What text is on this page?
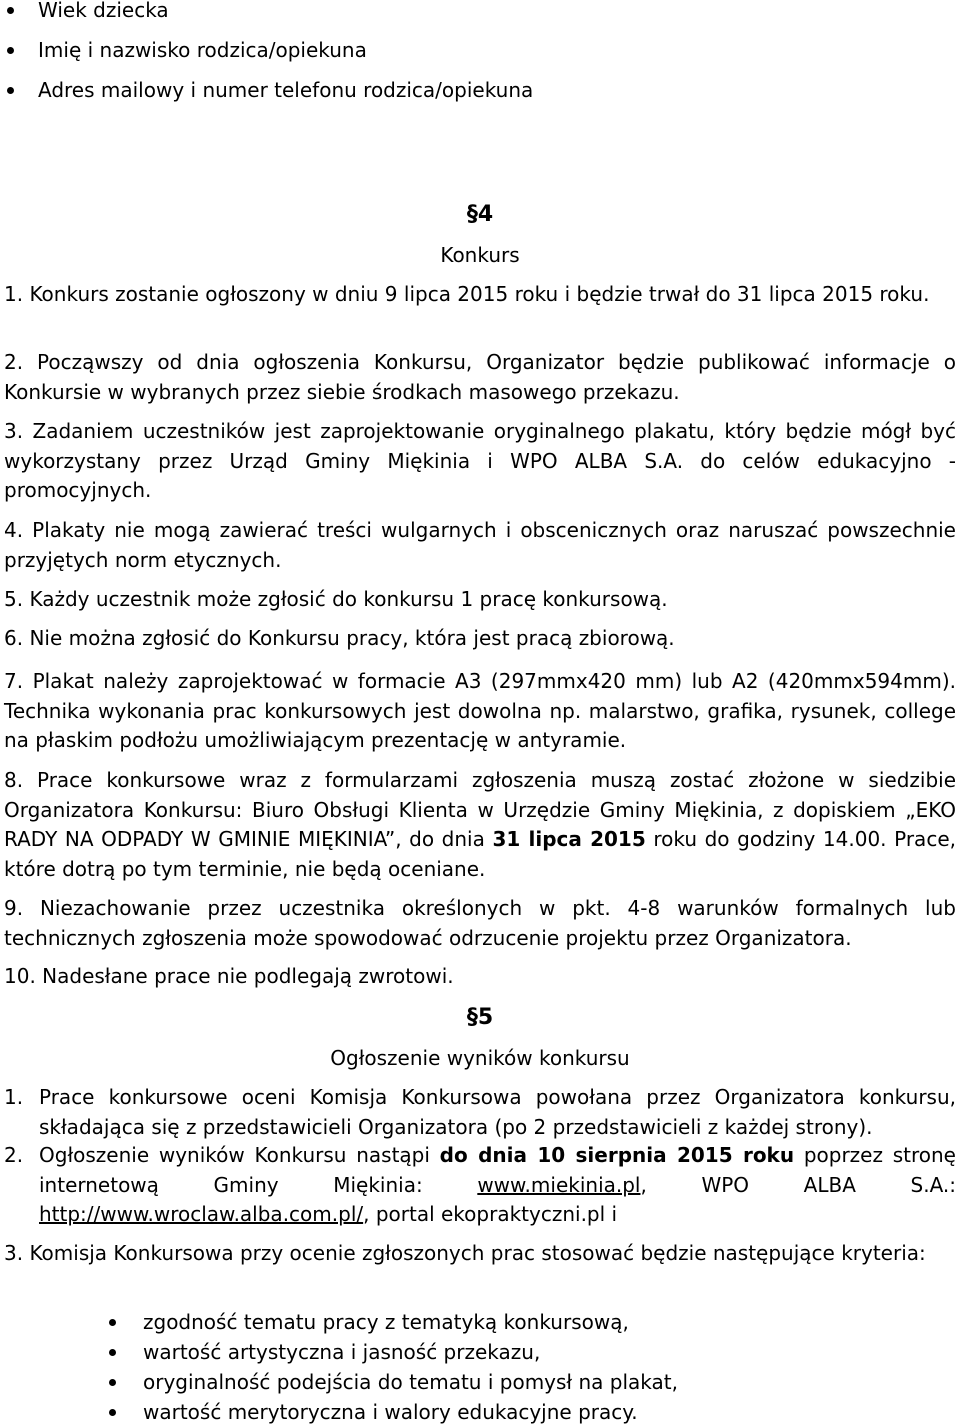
Wiek dziecka
Imię i nazwisko rodzica/opiekuna
Adres mailowy i numer telefonu rodzica/opiekuna
§4
Konkurs
1. Konkurs zostanie ogłoszony w dniu 9 lipca 2015 roku i będzie trwał do 31 lipca 2015 roku.
2. Począwszy od dnia ogłoszenia Konkursu, Organizator będzie publikować informacje o Konkursie w wybranych przez siebie środkach masowego przekazu.
3. Zadaniem uczestników jest zaprojektowanie oryginalnego plakatu, który będzie mógł być wykorzystany przez Urząd Gminy Miękinia i WPO ALBA S.A. do celów edukacyjno - promocyjnych.
4. Plakaty nie mogą zawierać treści wulgarnych i obscenicznych oraz naruszać powszechnie przyjętych norm etycznych.
5. Każdy uczestnik może zgłosić do konkursu 1 pracę konkursową.
6. Nie można zgłosić do Konkursu pracy, która jest pracą zbiorową.
7. Plakat należy zaprojektować w formacie A3 (297mmx420 mm) lub A2 (420mmx594mm). Technika wykonania prac konkursowych jest dowolna np. malarstwo, grafika, rysunek, college na płaskim podłożu umożliwiającym prezentację w antyramie.
8. Prace konkursowe wraz z formularzami zgłoszenia muszą zostać złożone w siedzibie Organizatora Konkursu: Biuro Obsługi Klienta w Urzędzie Gminy Miękinia, z dopiskiem „EKO RADY NA ODPADY W GMINIE MIĘKINIA”, do dnia 31 lipca 2015 roku do godziny 14.00. Prace, które dotrą po tym terminie, nie będą oceniane.
9. Niezachowanie przez uczestnika określonych w pkt. 4-8 warunków formalnych lub technicznych zgłoszenia może spowodować odrzucenie projektu przez Organizatora.
10. Nadesłane prace nie podlegają zwrotowi.
§5
Ogłoszenie wyników konkursu
1. Prace konkursowe oceni Komisja Konkursowa powołana przez Organizatora konkursu, składająca się z przedstawicieli Organizatora (po 2 przedstawicieli z każdej strony).
2. Ogłoszenie wyników Konkursu nastąpi do dnia 10 sierpnia 2015 roku poprzez stronę internetową Gminy Miękinia: www.miekinia.pl, WPO ALBA S.A.: http://www.wroclaw.alba.com.pl/, portal ekopraktyczni.pl i
3. Komisja Konkursowa przy ocenie zgłoszonych prac stosować będzie następujące kryteria:
zgodność tematu pracy z tematyką konkursową,
wartość artystyczna i jasność przekazu,
oryginalność podejścia do tematu i pomysł na plakat,
wartość merytoryczna i walory edukacyjne pracy.
